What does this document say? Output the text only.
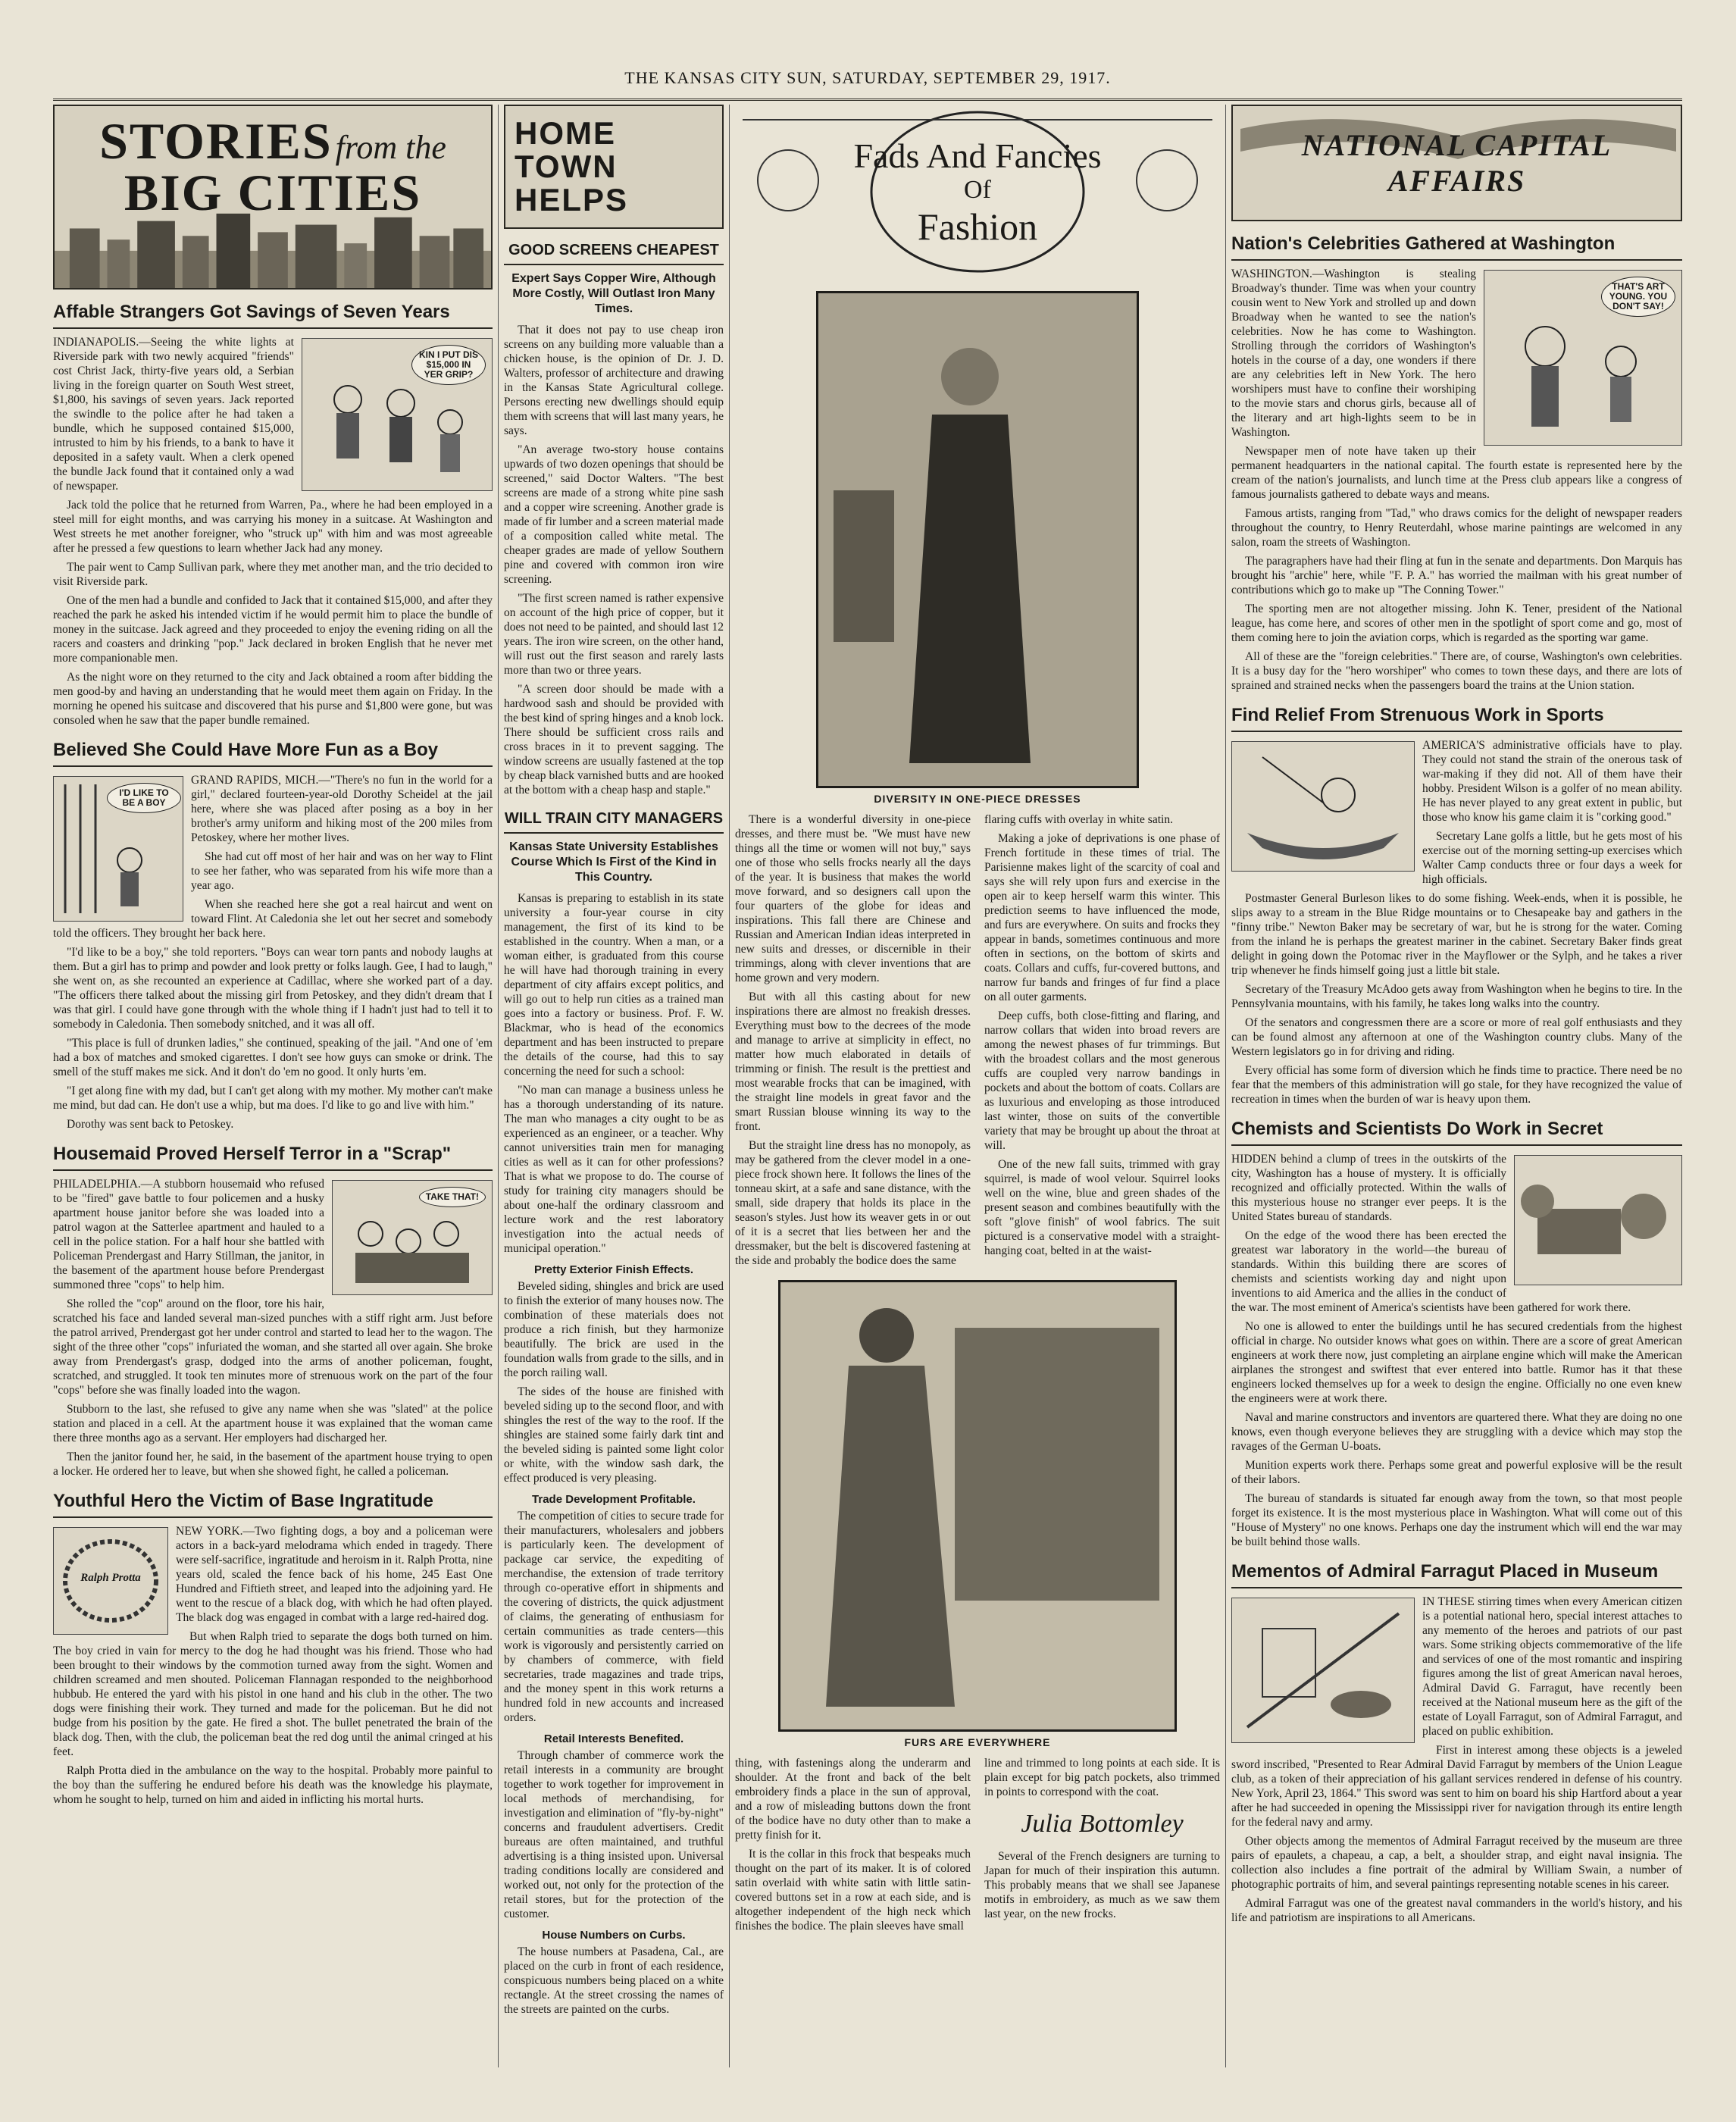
THE KANSAS CITY SUN, SATURDAY, SEPTEMBER 29, 1917.
STORIES from the
BIG CITIES
Affable Strangers Got Savings of Seven Years
KIN I PUT DIS $15,000 IN YER GRIP?

INDIANAPOLIS.—Seeing the white lights at Riverside park with two newly acquired "friends" cost Christ Jack, thirty-five years old, a Serbian living in the foreign quarter on South West street, $1,800, his savings of seven years. Jack reported the swindle to the police after he had taken a bundle, which he supposed contained $15,000, intrusted to him by his friends, to a bank to have it deposited in a safety vault. When a clerk opened the bundle Jack found that it contained only a wad of newspaper.

Jack told the police that he returned from Warren, Pa., where he had been employed in a steel mill for eight months, and was carrying his money in a suitcase. At Washington and West streets he met another foreigner, who "struck up" with him and was most agreeable after he pressed a few questions to learn whether Jack had any money.

The pair went to Camp Sullivan park, where they met another man, and the trio decided to visit Riverside park.

One of the men had a bundle and confided to Jack that it contained $15,000, and after they reached the park he asked his intended victim if he would permit him to place the bundle of money in the suitcase. Jack agreed and they proceeded to enjoy the evening riding on all the racers and coasters and drinking "pop." Jack declared in broken English that he never met more companionable men.

As the night wore on they returned to the city and Jack obtained a room after bidding the men good-by and having an understanding that he would meet them again on Friday. In the morning he opened his suitcase and discovered that his purse and $1,800 were gone, but was consoled when he saw that the paper bundle remained.

Believed She Could Have More Fun as a Boy
I'D LIKE TO BE A BOY

GRAND RAPIDS, MICH.—"There's no fun in the world for a girl," declared fourteen-year-old Dorothy Scheidel at the jail here, where she was placed after posing as a boy in her brother's army uniform and hiking most of the 200 miles from Petoskey, where her mother lives.

She had cut off most of her hair and was on her way to Flint to see her father, who was separated from his wife more than a year ago.

When she reached here she got a real haircut and went on toward Flint. At Caledonia she let out her secret and somebody told the officers. They brought her back here.

"I'd like to be a boy," she told reporters. "Boys can wear torn pants and nobody laughs at them. But a girl has to primp and powder and look pretty or folks laugh. Gee, I had to laugh," she went on, as she recounted an experience at Cadillac, where she worked part of a day. "The officers there talked about the missing girl from Petoskey, and they didn't dream that I was that girl. I could have gone through with the whole thing if I hadn't just had to tell it to somebody in Caledonia. Then somebody snitched, and it was all off.

"This place is full of drunken ladies," she continued, speaking of the jail. "And one of 'em had a box of matches and smoked cigarettes. I don't see how guys can smoke or drink. The smell of the stuff makes me sick. And it don't do 'em no good. It only hurts 'em.

"I get along fine with my dad, but I can't get along with my mother. My mother can't make me mind, but dad can. He don't use a whip, but ma does. I'd like to go and live with him."

Dorothy was sent back to Petoskey.

Housemaid Proved Herself Terror in a "Scrap"
TAKE THAT!

PHILADELPHIA.—A stubborn housemaid who refused to be "fired" gave battle to four policemen and a husky apartment house janitor before she was loaded into a patrol wagon at the Satterlee apartment and hauled to a cell in the police station. For a half hour she battled with Policeman Prendergast and Harry Stillman, the janitor, in the basement of the apartment house before Prendergast summoned three "cops" to help him.

She rolled the "cop" around on the floor, tore his hair, scratched his face and landed several man-sized punches with a stiff right arm. Just before the patrol arrived, Prendergast got her under control and started to lead her to the wagon. The sight of the three other "cops" infuriated the woman, and she started all over again. She broke away from Prendergast's grasp, dodged into the arms of another policeman, fought, scratched, and struggled. It took ten minutes more of strenuous work on the part of the four "cops" before she was finally loaded into the wagon.

Stubborn to the last, she refused to give any name when she was "slated" at the police station and placed in a cell. At the apartment house it was explained that the woman came there three months ago as a servant. Her employers had discharged her.

Then the janitor found her, he said, in the basement of the apartment house trying to open a locker. He ordered her to leave, but when she showed fight, he called a policeman.

Youthful Hero the Victim of Base Ingratitude
Ralph Protta

NEW YORK.—Two fighting dogs, a boy and a policeman were actors in a back-yard melodrama which ended in tragedy. There were self-sacrifice, ingratitude and heroism in it. Ralph Protta, nine years old, scaled the fence back of his home, 245 East One Hundred and Fiftieth street, and leaped into the adjoining yard. He went to the rescue of a black dog, with which he had often played. The black dog was engaged in combat with a large red-haired dog.

But when Ralph tried to separate the dogs both turned on him. The boy cried in vain for mercy to the dog he had thought was his friend. Those who had been brought to their windows by the commotion turned away from the sight. Women and children screamed and men shouted. Policeman Flannagan responded to the neighborhood hubbub. He entered the yard with his pistol in one hand and his club in the other. The two dogs were finishing their work. They turned and made for the policeman. But he did not budge from his position by the gate. He fired a shot. The bullet penetrated the brain of the black dog. Then, with the club, the policeman beat the red dog until the animal cringed at his feet.

Ralph Protta died in the ambulance on the way to the hospital. Probably more painful to the boy than the suffering he endured before his death was the knowledge his playmate, whom he sought to help, turned on him and aided in inflicting his mortal hurts.

HOME
TOWN
HELPS
GOOD SCREENS CHEAPEST
Expert Says Copper Wire, Although More Costly, Will Outlast Iron Many Times.

That it does not pay to use cheap iron screens on any building more valuable than a chicken house, is the opinion of Dr. J. D. Walters, professor of architecture and drawing in the Kansas State Agricultural college. Persons erecting new dwellings should equip them with screens that will last many years, he says.

"An average two-story house contains upwards of two dozen openings that should be screened," said Doctor Walters. "The best screens are made of a strong white pine sash and a copper wire screening. Another grade is made of fir lumber and a screen material made of a composition called white metal. The cheaper grades are made of yellow Southern pine and covered with common iron wire screening.

"The first screen named is rather expensive on account of the high price of copper, but it does not need to be painted, and should last 12 years. The iron wire screen, on the other hand, will rust out the first season and rarely lasts more than two or three years.

"A screen door should be made with a hardwood sash and should be provided with the best kind of spring hinges and a knob lock. There should be sufficient cross rails and cross braces in it to prevent sagging. The window screens are usually fastened at the top by cheap black varnished butts and are hooked at the bottom with a cheap hasp and staple."

WILL TRAIN CITY MANAGERS
Kansas State University Establishes Course Which Is First of the Kind in This Country.

Kansas is preparing to establish in its state university a four-year course in city management, the first of its kind to be established in the country. When a man, or a woman either, is graduated from this course he will have had thorough training in every department of city affairs except politics, and will go out to help run cities as a trained man goes into a factory or business. Prof. F. W. Blackmar, who is head of the economics department and has been instructed to prepare the details of the course, had this to say concerning the need for such a school:

"No man can manage a business unless he has a thorough understanding of its nature. The man who manages a city ought to be as experienced as an engineer, or a teacher. Why cannot universities train men for managing cities as well as it can for other professions? That is what we propose to do. The course of study for training city managers should be about one-half the ordinary classroom and lecture work and the rest laboratory investigation into the actual needs of municipal operation."

Pretty Exterior Finish Effects.

Beveled siding, shingles and brick are used to finish the exterior of many houses now. The combination of these materials does not produce a rich finish, but they harmonize beautifully. The brick are used in the foundation walls from grade to the sills, and in the porch railing wall.

The sides of the house are finished with beveled siding up to the second floor, and with shingles the rest of the way to the roof. If the shingles are stained some fairly dark tint and the beveled siding is painted some light color or white, with the window sash dark, the effect produced is very pleasing.

Trade Development Profitable.

The competition of cities to secure trade for their manufacturers, wholesalers and jobbers is particularly keen. The development of package car service, the expediting of merchandise, the extension of trade territory through co-operative effort in shipments and the covering of districts, the quick adjustment of claims, the generating of enthusiasm for certain communities as trade centers—this work is vigorously and persistently carried on by chambers of commerce, with field secretaries, trade magazines and trade trips, and the money spent in this work returns a hundred fold in new accounts and increased orders.

Retail Interests Benefited.

Through chamber of commerce work the retail interests in a community are brought together to work together for improvement in local methods of merchandising, for investigation and elimination of "fly-by-night" concerns and fraudulent advertisers. Credit bureaus are often maintained, and truthful advertising is a thing insisted upon. Universal trading conditions locally are considered and worked out, not only for the protection of the retail stores, but for the protection of the customer.

House Numbers on Curbs.

The house numbers at Pasadena, Cal., are placed on the curb in front of each residence, conspicuous numbers being placed on a white rectangle. At the street crossing the names of the streets are painted on the curbs.

Fads And Fancies
Of
Fashion
DIVERSITY IN ONE-PIECE DRESSES

There is a wonderful diversity in one-piece dresses, and there must be. "We must have new things all the time or women will not buy," says one of those who sells frocks nearly all the days of the year. It is business that makes the world move forward, and so designers call upon the four quarters of the globe for ideas and inspirations. This fall there are Chinese and Russian and American Indian ideas interpreted in new suits and dresses, or discernible in their trimmings, along with clever inventions that are home grown and very modern.

But with all this casting about for new inspirations there are almost no freakish dresses. Everything must bow to the decrees of the mode and manage to arrive at simplicity in effect, no matter how much elaborated in details of trimming or finish. The result is the prettiest and most wearable frocks that can be imagined, with the straight line models in great favor and the smart Russian blouse winning its way to the front.

But the straight line dress has no monopoly, as may be gathered from the clever model in a one-piece frock shown here. It follows the lines of the tonneau skirt, at a safe and sane distance, with the small, side drapery that holds its place in the season's styles. Just how its weaver gets in or out of it is a secret that lies between her and the dressmaker, but the belt is discovered fastening at the side and probably the bodice does the same

flaring cuffs with overlay in white satin.

Making a joke of deprivations is one phase of French fortitude in these times of trial. The Parisienne makes light of the scarcity of coal and says she will rely upon furs and exercise in the open air to keep herself warm this winter. This prediction seems to have influenced the mode, and furs are everywhere. On suits and frocks they appear in bands, sometimes continuous and more often in sections, on the bottom of skirts and coats. Collars and cuffs, fur-covered buttons, and narrow fur bands and fringes of fur find a place on all outer garments.

Deep cuffs, both close-fitting and flaring, and narrow collars that widen into broad revers are among the newest phases of fur trimmings. But with the broadest collars and the most generous cuffs are coupled very narrow bandings in pockets and about the bottom of coats. Collars are as luxurious and enveloping as those introduced last winter, those on suits of the convertible variety that may be brought up about the throat at will.

One of the new fall suits, trimmed with gray squirrel, is made of wool velour. Squirrel looks well on the wine, blue and green shades of the present season and combines beautifully with the soft "glove finish" of wool fabrics. The suit pictured is a conservative model with a straight-hanging coat, belted in at the waist-

FURS ARE EVERYWHERE

thing, with fastenings along the underarm and shoulder. At the front and back of the belt embroidery finds a place in the sun of approval, and a row of misleading buttons down the front of the bodice have no duty other than to make a pretty finish for it.

It is the collar in this frock that bespeaks much thought on the part of its maker. It is of colored satin overlaid with white satin with little satin-covered buttons set in a row at each side, and is altogether independent of the high neck which finishes the bodice. The plain sleeves have small

line and trimmed to long points at each side. It is plain except for big patch pockets, also trimmed in points to correspond with the coat.

Julia Bottomley

Several of the French designers are turning to Japan for much of their inspiration this autumn. This probably means that we shall see Japanese motifs in embroidery, as much as we saw them last year, on the new frocks.

NATIONAL CAPITAL
AFFAIRS
Nation's Celebrities Gathered at Washington
THAT'S ART YOUNG. YOU DON'T SAY!

WASHINGTON.—Washington is stealing Broadway's thunder. Time was when your country cousin went to New York and strolled up and down Broadway when he wanted to see the nation's celebrities. Now he has come to Washington. Strolling through the corridors of Washington's hotels in the course of a day, one wonders if there are any celebrities left in New York. The hero worshipers must have to confine their worshiping to the movie stars and chorus girls, because all of the literary and art high-lights seem to be in Washington.

Newspaper men of note have taken up their permanent headquarters in the national capital. The fourth estate is represented here by the cream of the nation's journalists, and lunch time at the Press club appears like a congress of famous journalists gathered to debate ways and means.

Famous artists, ranging from "Tad," who draws comics for the delight of newspaper readers throughout the country, to Henry Reuterdahl, whose marine paintings are welcomed in any salon, roam the streets of Washington.

The paragraphers have had their fling at fun in the senate and departments. Don Marquis has brought his "archie" here, while "F. P. A." has worried the mailman with his great number of contributions which go to make up "The Conning Tower."

The sporting men are not altogether missing. John K. Tener, president of the National league, has come here, and scores of other men in the spotlight of sport come and go, most of them coming here to join the aviation corps, which is regarded as the sporting war game.

All of these are the "foreign celebrities." There are, of course, Washington's own celebrities. It is a busy day for the "hero worshiper" who comes to town these days, and there are lots of sprained and strained necks when the passengers board the trains at the Union station.

Find Relief From Strenuous Work in Sports

AMERICA'S administrative officials have to play. They could not stand the strain of the onerous task of war-making if they did not. All of them have their hobby. President Wilson is a golfer of no mean ability. He has never played to any great extent in public, but those who know his game claim it is "corking good."

Secretary Lane golfs a little, but he gets most of his exercise out of the morning setting-up exercises which Walter Camp conducts three or four days a week for high officials.

Postmaster General Burleson likes to do some fishing. Week-ends, when it is possible, he slips away to a stream in the Blue Ridge mountains or to Chesapeake bay and gathers in the "finny tribe." Newton Baker may be secretary of war, but he is strong for the water. Coming from the inland he is perhaps the greatest mariner in the cabinet. Secretary Baker finds great delight in going down the Potomac river in the Mayflower or the Sylph, and he takes a river trip whenever he finds himself going just a little bit stale.

Secretary of the Treasury McAdoo gets away from Washington when he begins to tire. In the Pennsylvania mountains, with his family, he takes long walks into the country.

Of the senators and congressmen there are a score or more of real golf enthusiasts and they can be found almost any afternoon at one of the Washington country clubs. Many of the Western legislators go in for driving and riding.

Every official has some form of diversion which he finds time to practice. There need be no fear that the members of this administration will go stale, for they have recognized the value of recreation in times when the burden of war is heavy upon them.

Chemists and Scientists Do Work in Secret

HIDDEN behind a clump of trees in the outskirts of the city, Washington has a house of mystery. It is officially recognized and officially protected. Within the walls of this mysterious house no stranger ever peeps. It is the United States bureau of standards.

On the edge of the wood there has been erected the greatest war laboratory in the world—the bureau of standards. Within this building there are scores of chemists and scientists working day and night upon inventions to aid America and the allies in the conduct of the war. The most eminent of America's scientists have been gathered for work there.

No one is allowed to enter the buildings until he has secured credentials from the highest official in charge. No outsider knows what goes on within. There are a score of great American engineers at work there now, just completing an airplane engine which will make the American airplanes the strongest and swiftest that ever entered into battle. Rumor has it that these engineers locked themselves up for a week to design the engine. Officially no one even knew the engineers were at work there.

Naval and marine constructors and inventors are quartered there. What they are doing no one knows, even though everyone believes they are struggling with a device which may stop the ravages of the German U-boats.

Munition experts work there. Perhaps some great and powerful explosive will be the result of their labors.

The bureau of standards is situated far enough away from the town, so that most people forget its existence. It is the most mysterious place in Washington. What will come out of this "House of Mystery" no one knows. Perhaps one day the instrument which will end the war may be built behind those walls.

Mementos of Admiral Farragut Placed in Museum

IN THESE stirring times when every American citizen is a potential national hero, special interest attaches to any memento of the heroes and patriots of our past wars. Some striking objects commemorative of the life and services of one of the most romantic and inspiring figures among the list of great American naval heroes, Admiral David G. Farragut, have recently been received at the National museum here as the gift of the estate of Loyall Farragut, son of Admiral Farragut, and placed on public exhibition.

First in interest among these objects is a jeweled sword inscribed, "Presented to Rear Admiral David Farragut by members of the Union League club, as a token of their appreciation of his gallant services rendered in defense of his country. New York, April 23, 1864." This sword was sent to him on board his ship Hartford about a year after he had succeeded in opening the Mississippi river for navigation through its entire length for the federal navy and army.

Other objects among the mementos of Admiral Farragut received by the museum are three pairs of epaulets, a chapeau, a cap, a belt, a shoulder strap, and eight naval insignia. The collection also includes a fine portrait of the admiral by William Swain, a number of photographic portraits of him, and several paintings representing notable scenes in his career.

Admiral Farragut was one of the greatest naval commanders in the world's history, and his life and patriotism are inspirations to all Americans.
